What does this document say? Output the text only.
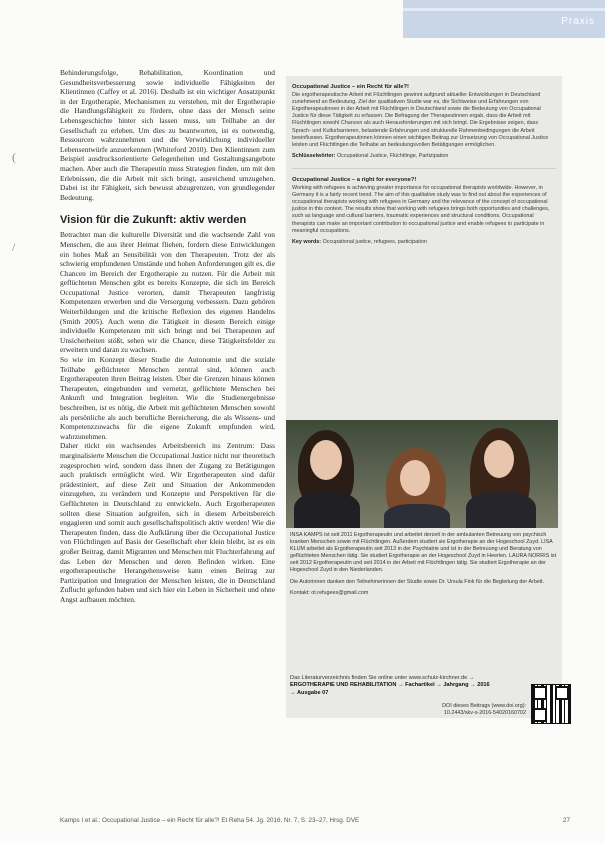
Praxis
(
/

Behinderungsfolge, Rehabilitation, Koordination und Gesundheitsverbesserung sowie individuelle Fähigkeiten der Klientinnen (Caffey et al. 2016). Deshalb ist ein wichtiger Ansatzpunkt in der Ergotherapie, Mechanismen zu verstehen, mit der Ergotherapie die Handlungsfähigkeit zu fördern, ohne dass der Mensch seine Lebensgeschichte hinter sich lassen muss, um Teilhabe an der Gesellschaft zu erleben. Um dies zu beantworten, ist es notwendig, Ressourcen wahrzunehmen und die Verwirklichung individueller Lebensentwürfe anzuerkennen (Whiteford 2010). Den Klientinnen zum Beispiel ausdrucksorientierte Gelegenheiten und Gestaltungsangebote machen. Aber auch die Therapeutin muss Strategien finden, um mit den Erlebnissen, die die Arbeit mit sich bringt, ausreichend umzugehen. Dabei ist ihr Fähigkeit, sich bewusst abzugrenzen, von grundlegender Bedeutung.

Vision für die Zukunft: aktiv werden

Betrachtet man die kulturelle Diversität und die wachsende Zahl von Menschen, die aus ihrer Heimat fliehen, fordern diese Entwicklungen ein hohes Maß an Sensibilität von den Therapeuten. Trotz der als schwierig empfundenen Umstände und hohen Anforderungen gilt es, die Chancen im Bereich der Ergotherapie zu nutzen. Für die Arbeit mit geflüchteten Menschen gibt es bereits Konzepte, die sich im Bereich Occupational Justice verorten, damit Therapeuten langfristig Kompetenzen erwerben und die Versorgung verbessern. Dazu gehören Weiterbildungen und die kritische Reflexion des eigenen Handelns (Smith 2005). Auch wenn die Tätigkeit in diesem Bereich einige individuelle Kompetenzen mit sich bringt und bei Therapeuten auf Unsicherheiten stößt, sehen wir die Chance, diese Tätigkeitsfelder zu erweitern und daran zu wachsen.

So wie im Konzept dieser Studie die Autonomie und die soziale Teilhabe geflüchteter Menschen zentral sind, können auch Ergotherapeuten ihren Beitrag leisten. Über die Grenzen hinaus können Therapeuten, eingebunden und vernetzt, geflüchtete Menschen bei Ankunft und Integration begleiten. Wie die Studienergebnisse beschreiben, ist es nötig, die Arbeit mit geflüchteten Menschen sowohl als persönliche als auch berufliche Bereicherung, die als Wissens- und Kompetenzzuwachs für die eigene Zukunft empfunden wird, wahrzunehmen.

Daher rückt ein wachsendes Arbeitsbereich ins Zentrum: Dass marginalisierte Menschen die Occupational Justice nicht nur theoretisch zugesprochen wird, sondern dass ihnen der Zugang zu Betätigungen auch praktisch ermöglicht wird. Wir Ergotherapeuten sind dafür prädestiniert, auf diese Zeit und Situation der Ankommenden einzugehen, zu verändern und Konzepte und Perspektiven für die Geflüchteten in Deutschland zu entwickeln. Auch Ergotherapeuten sollten diese Situation aufgreifen, sich in diesem Arbeitsbereich engagieren und somit auch gesellschaftspolitisch aktiv werden! Wie die Therapeuten finden, dass die Aufklärung über die Occupational Justice von Flüchtlingen auf Basis der Gesellschaft eher klein bleibt, ist es ein großer Beitrag, damit Migranten und Menschen mit Fluchterfahrung auf das Leben der Menschen und deren Befinden wirken. Eine ergotherapeutische Herangehensweise kann einen Beitrag zur Partizipation und Integration der Menschen leisten, die in Deutschland Zuflucht gefunden haben und sich hier ein Leben in Sicherheit und ohne Angst aufbauen möchten.

Occupational Justice – ein Recht für alle?!

Die ergotherapeutische Arbeit mit Flüchtlingen gewinnt aufgrund aktueller Entwicklungen in Deutschland zunehmend an Bedeutung. Ziel der qualitativen Studie war es, die Sichtweise und Erfahrungen von Ergotherapeutinnen in der Arbeit mit Flüchtlingen in Deutschland sowie die Bedeutung von Occupational Justice für diese Tätigkeit zu erfassen. Die Befragung der Therapeutinnen ergab, dass die Arbeit mit Flüchtlingen sowohl Chancen als auch Herausforderungen mit sich bringt. Die Ergebnisse zeigen, dass Sprach- und Kulturbarrieren, belastende Erfahrungen und strukturelle Rahmenbedingungen die Arbeit beeinflussen. Ergotherapeutinnen können einen wichtigen Beitrag zur Umsetzung von Occupational Justice leisten und Flüchtlingen die Teilhabe an bedeutungsvollen Betätigungen ermöglichen.

Schlüsselwörter: Occupational Justice, Flüchtlinge, Partizipation
Occupational Justice – a right for everyone?!

Working with refugees is achieving greater importance for occupational therapists worldwide. However, in Germany it is a fairly recent trend. The aim of this qualitative study was to find out about the experiences of occupational therapists working with refugees in Germany and the relevance of the concept of occupational justice in this context. The results show that working with refugees brings both opportunities and challenges, such as language and cultural barriers, traumatic experiences and structural conditions. Occupational therapists can make an important contribution to occupational justice and enable refugees to participate in meaningful occupations.

Key words: Occupational justice, refugees, participation

INSA KAMPS ist seit 2011 Ergotherapeutin und arbeitet derzeit in der ambulanten Betreuung von psychisch kranken Menschen sowie mit Flüchtlingen. Außerdem studiert sie Ergotherapie an der Hogeschool Zuyd. LISA KLUM arbeitet als Ergotherapeutin seit 2013 in der Psychiatrie und ist in der Betreuung und Beratung von geflüchteten Menschen tätig. Sie studiert Ergotherapie an der Hogeschool Zuyd in Heerlen. LAURA NORRIS ist seit 2012 Ergotherapeutin und seit 2014 in der Arbeit mit Flüchtlingen tätig. Sie studiert Ergotherapie an der Hogeschool Zuyd in den Niederlanden.

Die Autorinnen danken den Teilnehmerinnen der Studie sowie Dr. Ursula Fink für die Begleitung der Arbeit.

Kontakt: ot.refugees@gmail.com

Das Literaturverzeichnis finden Sie online unter www.schulz-kirchner.de → ERGOTHERAPIE UND REHABILITATION → Fachartikel → Jahrgang → 2016 → Ausgabe 07
DOI dieses Beitrags (www.doi.org):
10.2443/skv-s-2016-54020160702
Kamps I et al.: Occupational Justice – ein Recht für alle?! Et Reha 54. Jg. 2016, Nr. 7, S. 23–27, Hrsg. DVE	27
